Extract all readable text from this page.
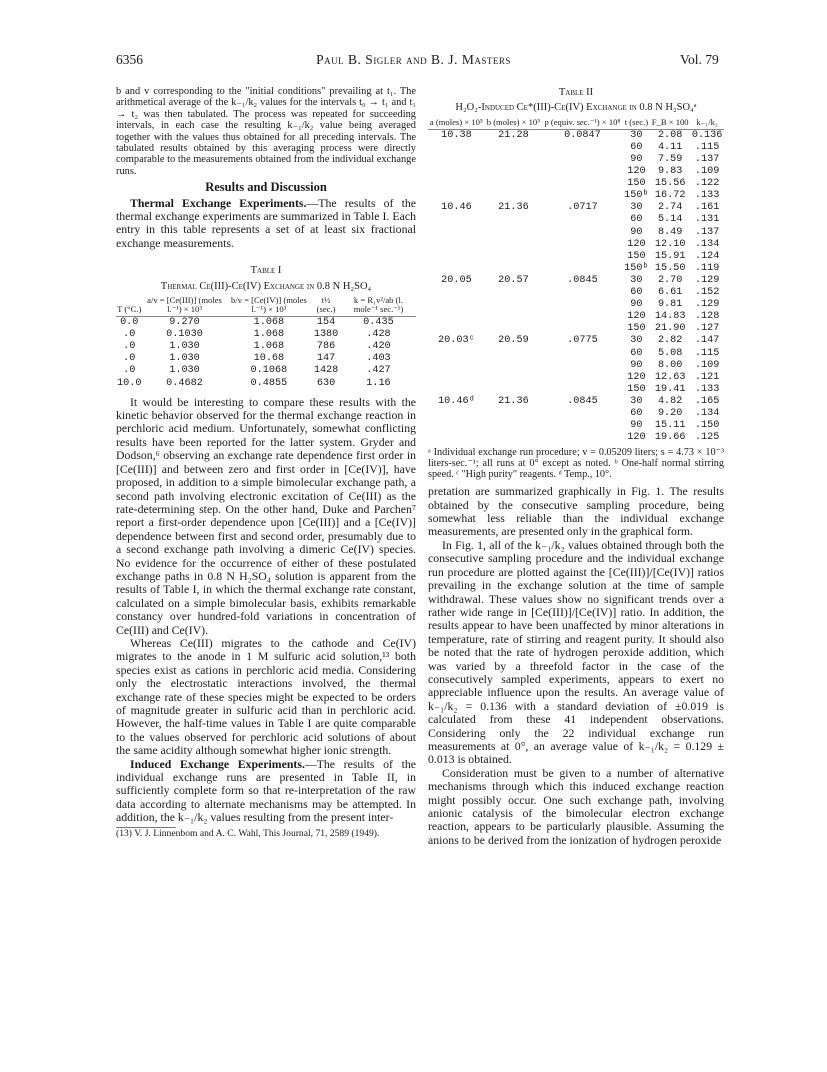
6356	Paul B. Sigler and B. J. Masters	Vol. 79

b and v corresponding to the "initial conditions" prevailing at t₁. The arithmetical average of the k₋₁/k₂ values for the intervals t₀ → t₁ and t₁ → t₂ was then tabulated. The process was repeated for succeeding intervals, in each case the resulting k₋₁/k₂ value being averaged together with the values thus obtained for all preceding intervals. The tabulated results obtained by this averaging process were directly comparable to the measurements obtained from the individual exchange runs.

Results and Discussion

Thermal Exchange Experiments.—The results of the thermal exchange experiments are summarized in Table I. Each entry in this table represents a set of at least six fractional exchange measurements.

Table I
Thermal Ce(III)-Ce(IV) Exchange in 0.8 N H₂SO₄
T (°C.)	a/v = [Ce(III)] (moles l.⁻¹) × 10³	b/v = [Ce(IV)] (moles l.⁻¹) × 10³	t½ (sec.)	k = R₁v²/ab (l. mole⁻¹ sec.⁻¹)
0.0	9.270	1.068	154	0.435
.0	0.1030	1.068	1380	.428
.0	1.030	1.068	786	.420
.0	1.030	10.68	147	.403
.0	1.030	0.1068	1428	.427
10.0	0.4682	0.4855	630	1.16

It would be interesting to compare these results with the kinetic behavior observed for the thermal exchange reaction in perchloric acid medium. Unfortunately, somewhat conflicting results have been reported for the latter system. Gryder and Dodson,⁶ observing an exchange rate dependence first order in [Ce(III)] and between zero and first order in [Ce(IV)], have proposed, in addition to a simple bimolecular exchange path, a second path involving electronic excitation of Ce(III) as the rate-determining step. On the other hand, Duke and Parchen⁷ report a first-order dependence upon [Ce(III)] and a [Ce(IV)] dependence between first and second order, presumably due to a second exchange path involving a dimeric Ce(IV) species. No evidence for the occurrence of either of these postulated exchange paths in 0.8 N H₂SO₄ solution is apparent from the results of Table I, in which the thermal exchange rate constant, calculated on a simple bimolecular basis, exhibits remarkable constancy over hundred-fold variations in concentration of Ce(III) and Ce(IV).

Whereas Ce(III) migrates to the cathode and Ce(IV) migrates to the anode in 1 M sulfuric acid solution,¹³ both species exist as cations in perchloric acid media. Considering only the electrostatic interactions involved, the thermal exchange rate of these species might be expected to be orders of magnitude greater in sulfuric acid than in perchloric acid. However, the half-time values in Table I are quite comparable to the values observed for perchloric acid solutions of about the same acidity although somewhat higher ionic strength.

Induced Exchange Experiments.—The results of the individual exchange runs are presented in Table II, in sufficiently complete form so that re-interpretation of the raw data according to alternate mechanisms may be attempted. In addition, the k₋₁/k₂ values resulting from the present inter-

(13) V. J. Linnenbom and A. C. Wahl, This Journal, 71, 2589 (1949).

Table II
H₂O₂-Induced Ce*(III)-Ce(IV) Exchange in 0.8 N H₂SO₄ᵃ
a (moles) × 10⁵	b (moles) × 10⁵	p (equiv. sec.⁻¹) × 10⁸	t (sec.)	F_B × 100	k₋₁/k₂
10.38	21.28	0.0847	30	2.08	0.136
			60	4.11	.115
			90	7.59	.137
			120	9.83	.109
			150	15.56	.122
			150ᵇ	16.72	.133
10.46	21.36	.0717	30	2.74	.161
			60	5.14	.131
			90	8.49	.137
			120	12.10	.134
			150	15.91	.124
			150ᵇ	15.50	.119
20.05	20.57	.0845	30	2.70	.129
			60	6.61	.152
			90	9.81	.129
			120	14.83	.128
			150	21.90	.127
20.03ᶜ	20.59	.0775	30	2.82	.147
			60	5.08	.115
			90	8.00	.109
			120	12.63	.121
			150	19.41	.133
10.46ᵈ	21.36	.0845	30	4.82	.165
			60	9.20	.134
			90	15.11	.150
			120	19.66	.125

ᵃ Individual exchange run procedure; v = 0.05209 liters; s = 4.73 × 10⁻³ liters-sec.⁻¹; all runs at 0° except as noted. ᵇ One-half normal stirring speed. ᶜ "High purity" reagents. ᵈ Temp., 10°.

pretation are summarized graphically in Fig. 1. The results obtained by the consecutive sampling procedure, being somewhat less reliable than the individual exchange measurements, are presented only in the graphical form.

In Fig. 1, all of the k₋₁/k₂ values obtained through both the consecutive sampling procedure and the individual exchange run procedure are plotted against the [Ce(III)]/[Ce(IV)] ratios prevailing in the exchange solution at the time of sample withdrawal. These values show no significant trends over a rather wide range in [Ce(III)]/[Ce(IV)] ratio. In addition, the results appear to have been unaffected by minor alterations in temperature, rate of stirring and reagent purity. It should also be noted that the rate of hydrogen peroxide addition, which was varied by a threefold factor in the case of the consecutively sampled experiments, appears to exert no appreciable influence upon the results. An average value of k₋₁/k₂ = 0.136 with a standard deviation of ±0.019 is calculated from these 41 independent observations. Considering only the 22 individual exchange run measurements at 0°, an average value of k₋₁/k₂ = 0.129 ± 0.013 is obtained.

Consideration must be given to a number of alternative mechanisms through which this induced exchange reaction might possibly occur. One such exchange path, involving anionic catalysis of the bimolecular electron exchange reaction, appears to be particularly plausible. Assuming the anions to be derived from the ionization of hydrogen peroxide
